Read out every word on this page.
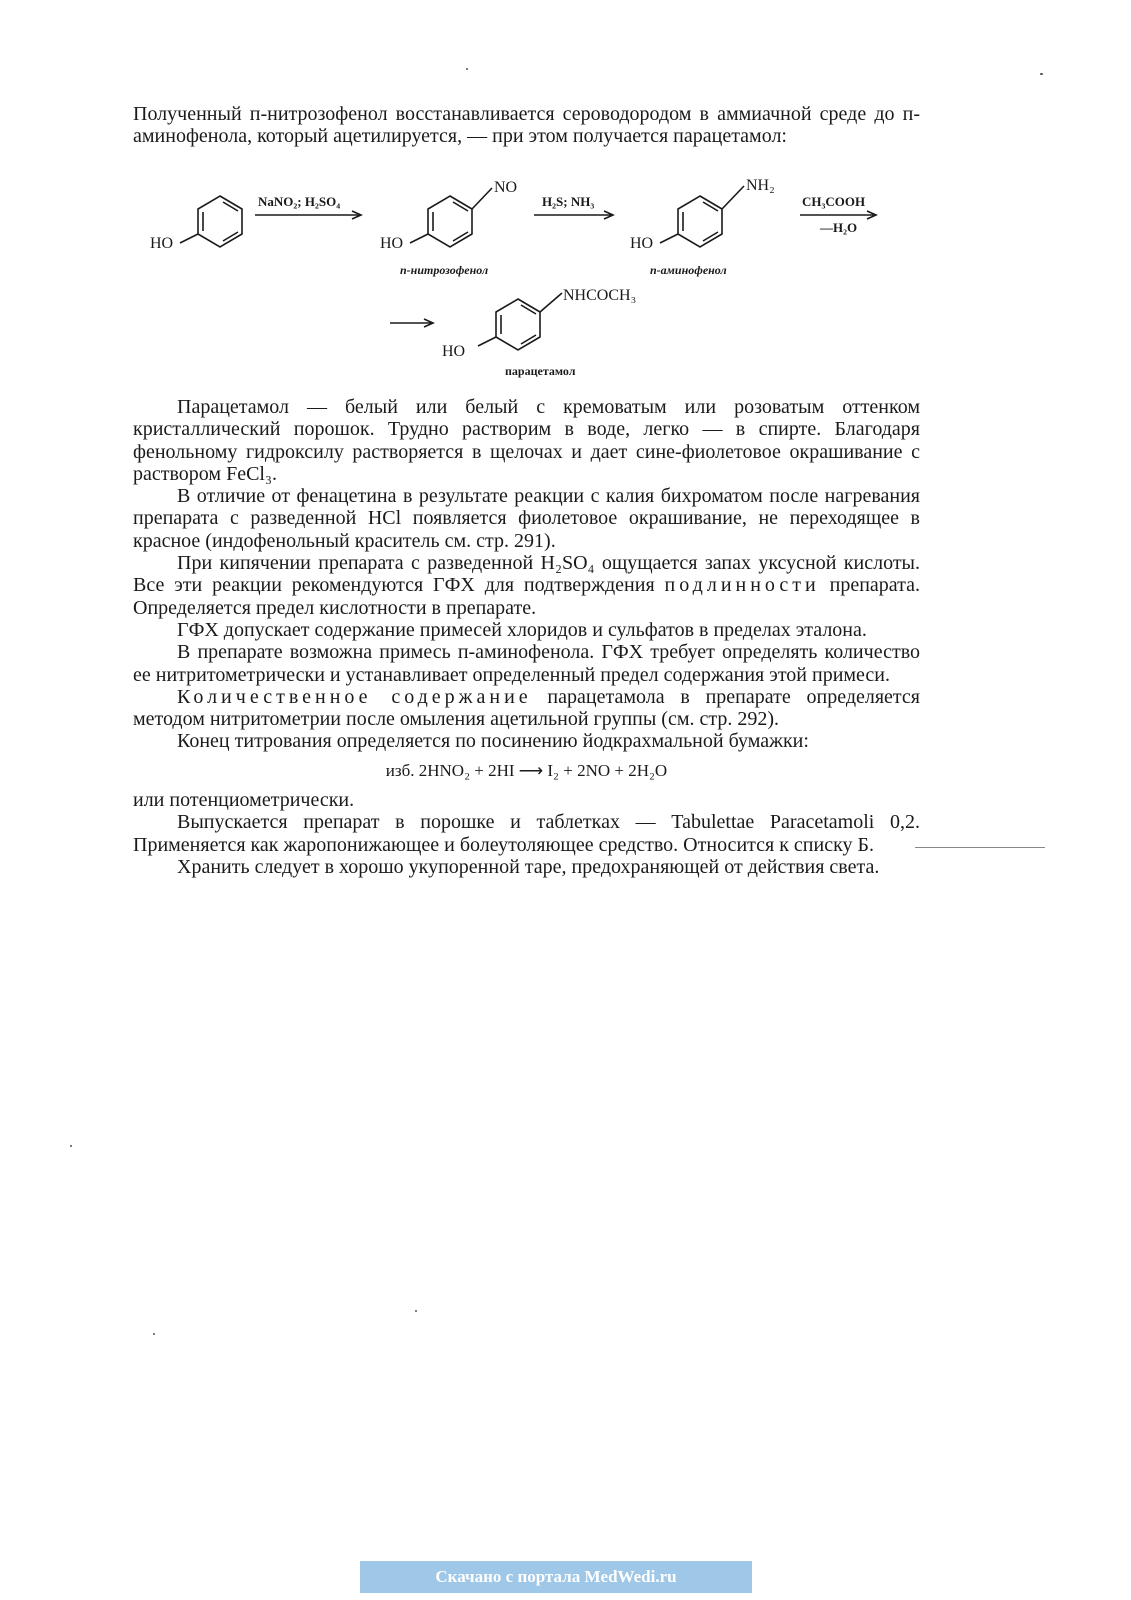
Полученный п-нитрозофенол восстанавливается сероводородом в аммиачной среде до п-аминофенола, который ацетилируется, — при этом получается парацетамол:

HO
NaNO₂; H₂SO₄
HO
NO
п-нитрозофенол
H₂S; NH₃
HO
NH₂
п-аминофенол
CH₃COOH
—H₂O
HO
NHCOCH₃
парацетамол

Парацетамол — белый или белый с кремоватым или розоватым оттенком кристаллический порошок. Трудно растворим в воде, легко — в спирте. Благодаря фенольному гидроксилу растворяется в щелочах и дает сине-фиолетовое окрашивание с раствором FeCl₃.

В отличие от фенацетина в результате реакции с калия бихроматом после нагревания препарата с разведенной HCl появляется фиолетовое окрашивание, не переходящее в красное (индофенольный краситель см. стр. 291).

При кипячении препарата с разведенной H₂SO₄ ощущается запах уксусной кислоты. Все эти реакции рекомендуются ГФХ для подтверждения подлинности препарата. Определяется предел кислотности в препарате.

ГФХ допускает содержание примесей хлоридов и сульфатов в пределах эталона.

В препарате возможна примесь п-аминофенола. ГФХ требует определять количество ее нитритометрически и устанавливает определенный предел содержания этой примеси.

Количественное содержание парацетамола в препарате определяется методом нитритометрии после омыления ацетильной группы (см. стр. 292).

Конец титрования определяется по посинению йодкрахмальной бумажки:

изб. 2HNO₂ + 2HI ⟶ I₂ + 2NO + 2H₂O

или потенциометрически.

Выпускается препарат в порошке и таблетках — Tabulettae Paracetamoli 0,2. Применяется как жаропонижающее и болеутоляющее средство. Относится к списку Б.

Хранить следует в хорошо укупоренной таре, предохраняющей от действия света.

Скачано с портала MedWedi.ru
